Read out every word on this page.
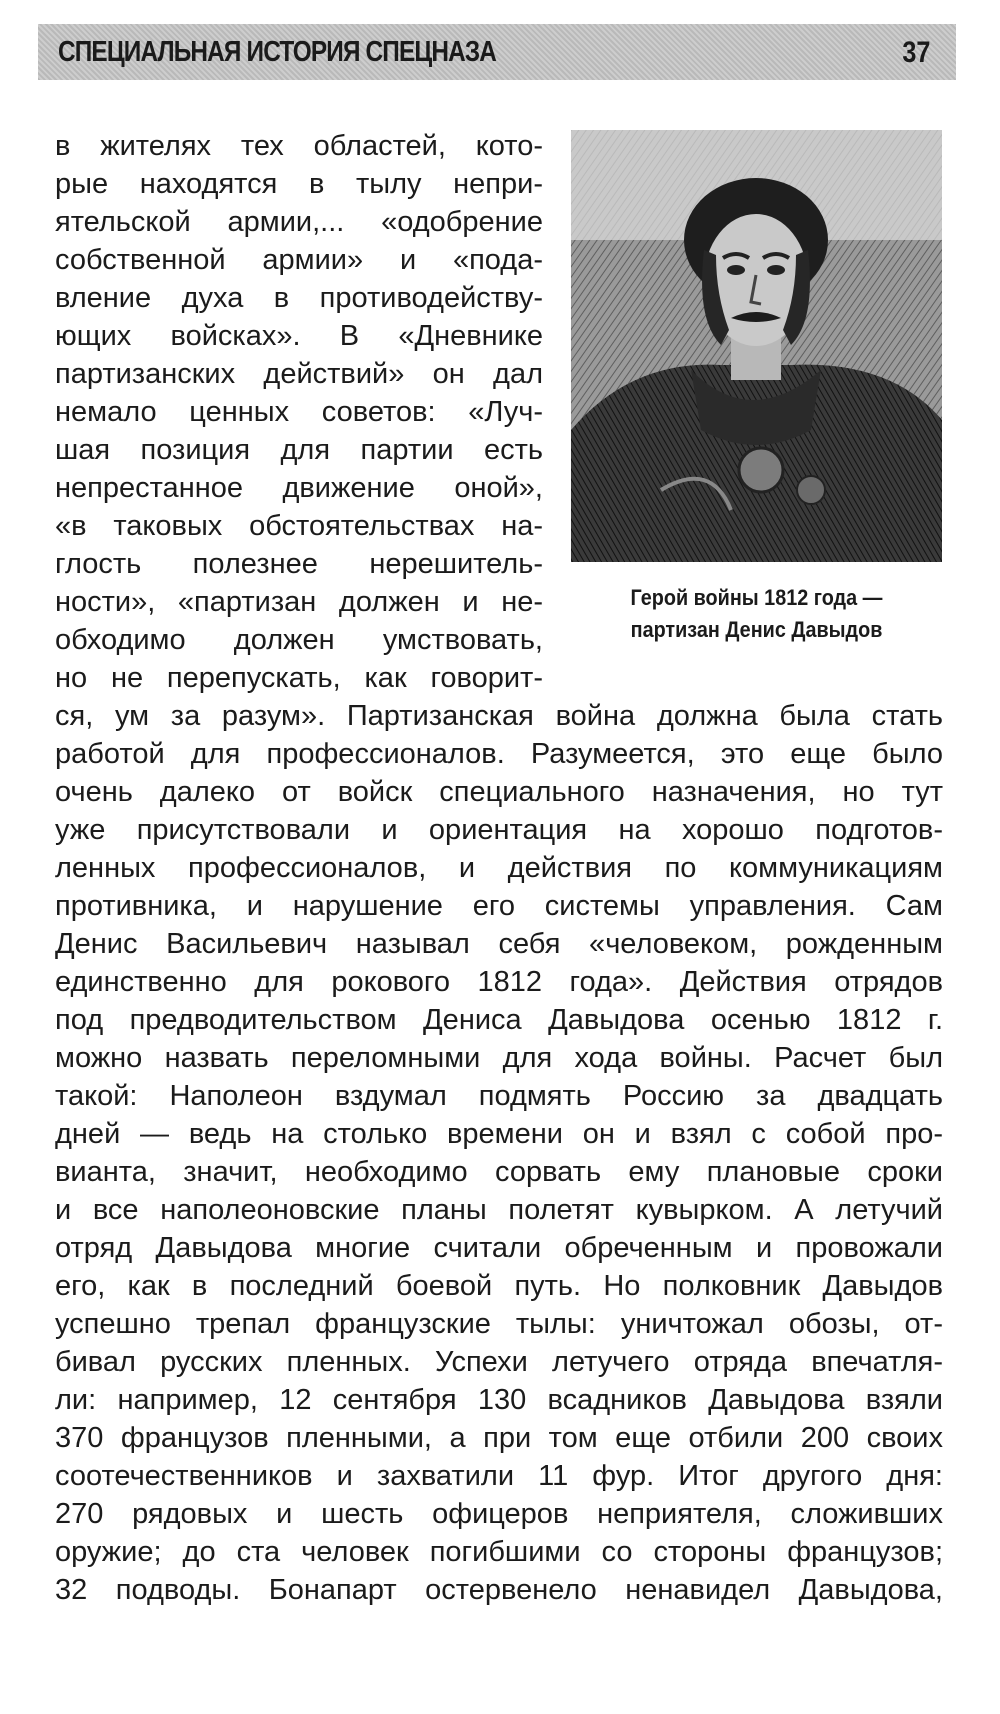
СПЕЦИАЛЬНАЯ ИСТОРИЯ СПЕЦНАЗА	37
Герой войны 1812 года —
партизан Денис Давыдов
в жителях тех областей, кото-
рые находятся в тылу непри-
ятельской армии,... «одобрение
собственной армии» и «пода-
вление духа в противодейству-
ющих войсках». В «Дневнике
партизанских действий» он дал
немало ценных советов: «Луч-
шая позиция для партии есть
непрестанное движение оной»,
«в таковых обстоятельствах на-
глость полезнее нерешитель-
ности», «партизан должен и не-
обходимо должен умствовать,
но не перепускать, как говорит-
ся, ум за разум». Партизанская война должна была стать
работой для профессионалов. Разумеется, это еще было
очень далеко от войск специального назначения, но тут
уже присутствовали и ориентация на хорошо подготов-
ленных профессионалов, и действия по коммуникациям
противника, и нарушение его системы управления. Сам
Денис Васильевич называл себя «человеком, рожденным
единственно для рокового 1812 года». Действия отрядов
под предводительством Дениса Давыдова осенью 1812 г.
можно назвать переломными для хода войны. Расчет был
такой: Наполеон вздумал подмять Россию за двадцать
дней — ведь на столько времени он и взял с собой про-
вианта, значит, необходимо сорвать ему плановые сроки
и все наполеоновские планы полетят кувырком. А летучий
отряд Давыдова многие считали обреченным и провожали
его, как в последний боевой путь. Но полковник Давыдов
успешно трепал французские тылы: уничтожал обозы, от-
бивал русских пленных. Успехи летучего отряда впечатля-
ли: например, 12 сентября 130 всадников Давыдова взяли
370 французов пленными, а при том еще отбили 200 своих
соотечественников и захватили 11 фур. Итог другого дня:
270 рядовых и шесть офицеров неприятеля, сложивших
оружие; до ста человек погибшими со стороны французов;
32 подводы. Бонапарт остервенело ненавидел Давыдова,
